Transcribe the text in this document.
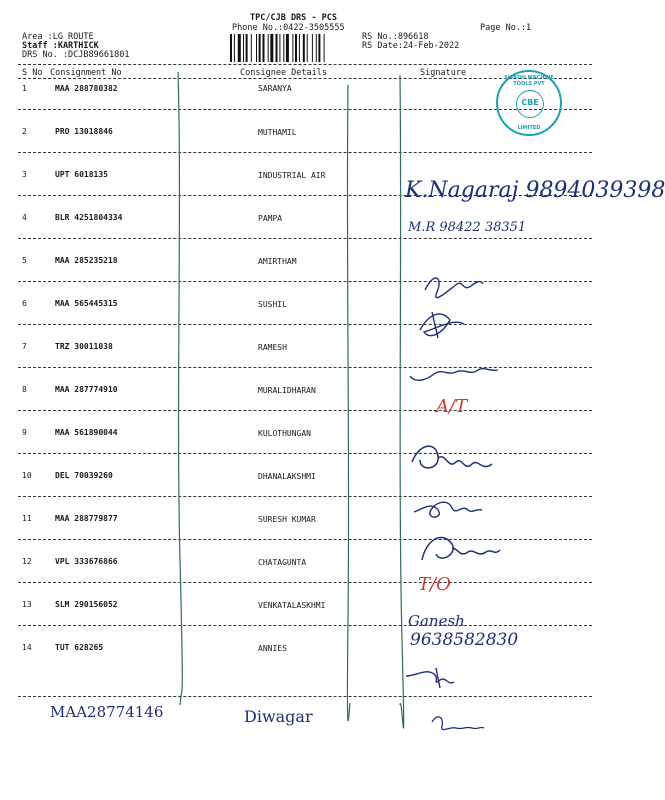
TPC/CJB DRS - PCS
Phone No.:0422-3505555	Page No.:1
Area :LG ROUTE
Staff :KARTHICK
DRS No. :DCJB89661801
RS No.:896618
RS Date:24-Feb-2022
S No Consignment No	Consignee Details	Signature
1	MAA 288780382	SARANYA
2	PRO 13018846	MUTHAMIL
3	UPT 6018135	INDUSTRIAL AIR
4	BLR 4251804334	PAMPA
5	MAA 285235218	AMIRTHAM
6	MAA 565445315	SUSHIL
7	TRZ 30011038	RAMESH
8	MAA 287774910	MURALIDHARAN
9	MAA 561890044	KULOTHUNGAN
10	DEL 70039260	DHANALAKSHMI
11	MAA 288779877	SURESH KUMAR
12	VPL 333676866	CHATAGUNTA
13	SLM 290156052	VENKATALASKHMI
14	TUT 628265	ANNIES
SWATHI MACHINE TOOLS PVT
CBE
LIMITED
K.Nagaraj 9894039398
M.R 98422 38351
A/T
T/O
Ganesh
9638582830
MAA28774146	Diwagar
